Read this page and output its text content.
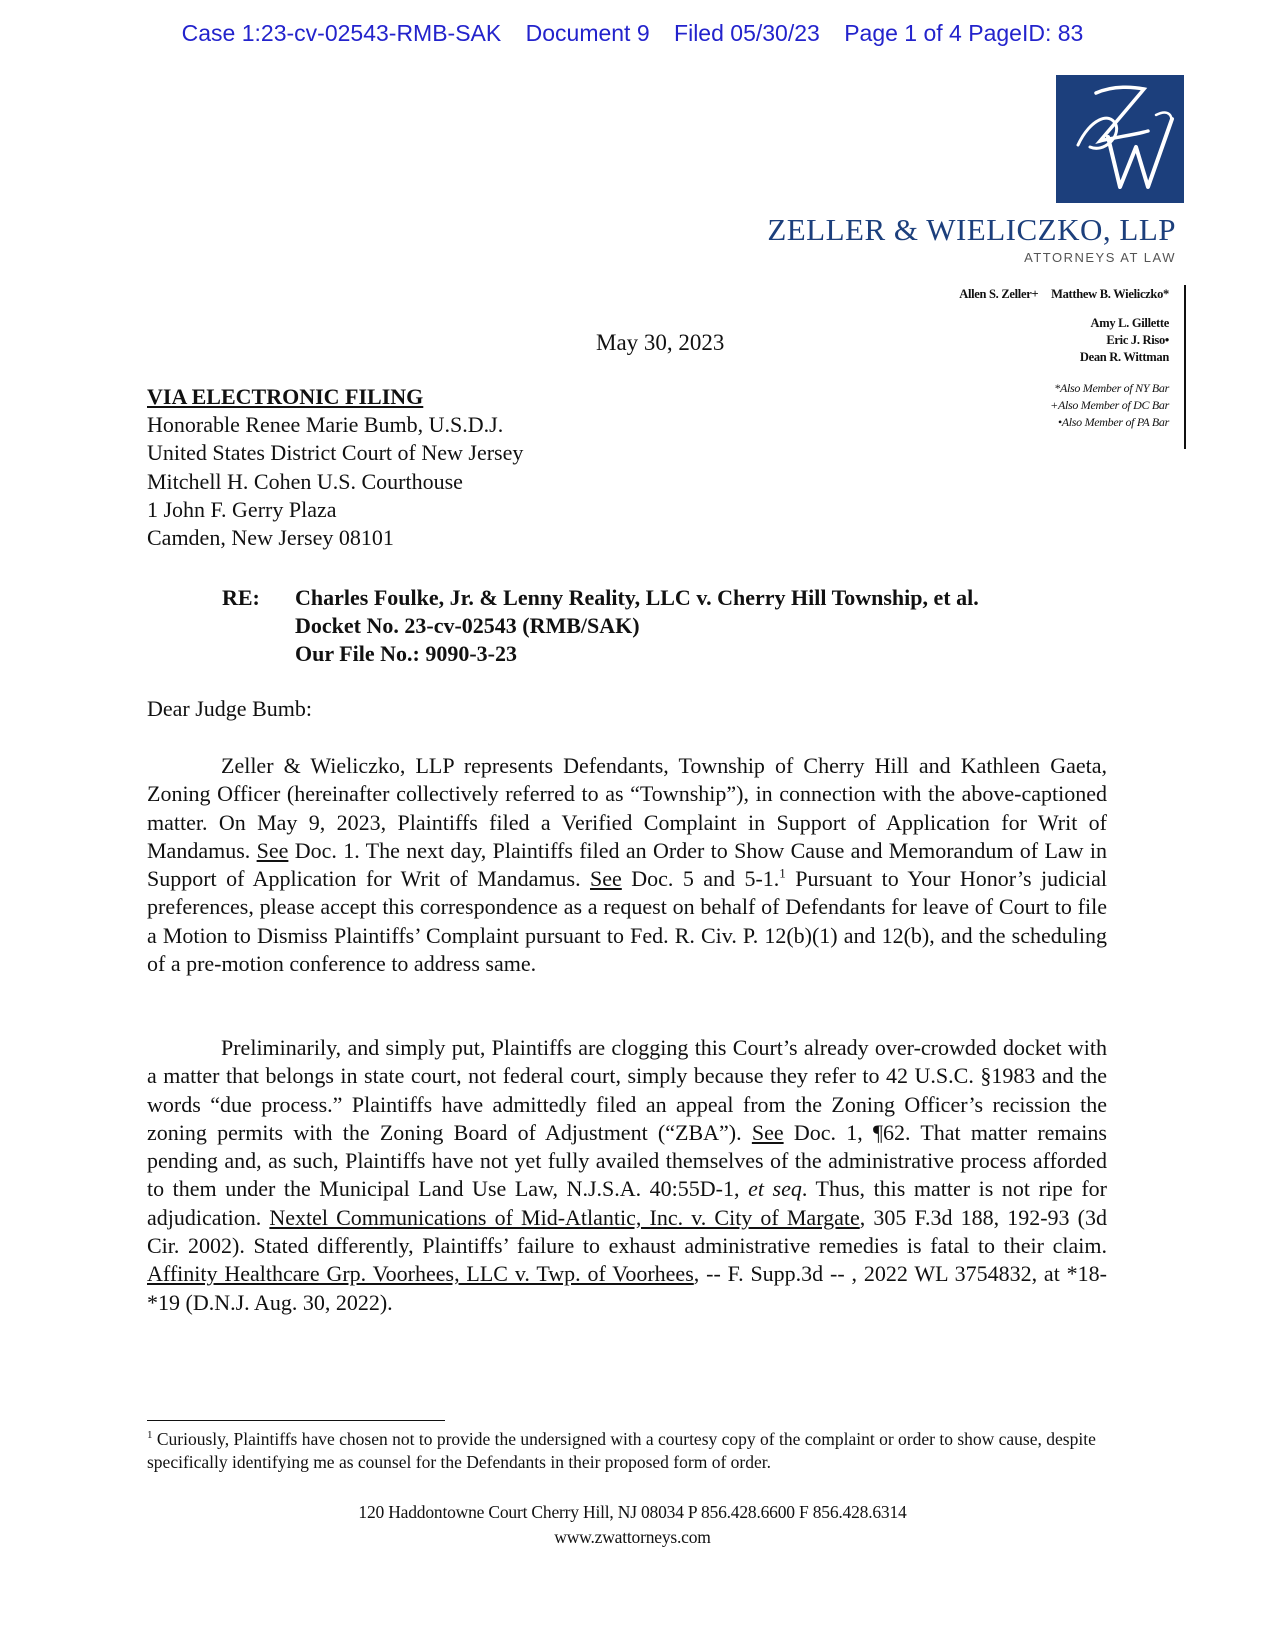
Case 1:23-cv-02543-RMB-SAK Document 9 Filed 05/30/23 Page 1 of 4 PageID: 83
ZELLER & WIELICZKO, LLP
ATTORNEYS AT LAW
Allen S. Zeller+ Matthew B. Wieliczko*
Amy L. Gillette
Eric J. Riso•
Dean R. Wittman
*Also Member of NY Bar
+Also Member of DC Bar
•Also Member of PA Bar
May 30, 2023
VIA ELECTRONIC FILING
Honorable Renee Marie Bumb, U.S.D.J.
United States District Court of New Jersey
Mitchell H. Cohen U.S. Courthouse
1 John F. Gerry Plaza
Camden, New Jersey 08101
RE: Charles Foulke, Jr. & Lenny Reality, LLC v. Cherry Hill Township, et al.
Docket No. 23-cv-02543 (RMB/SAK)
Our File No.: 9090-3-23
Dear Judge Bumb:
Zeller & Wieliczko, LLP represents Defendants, Township of Cherry Hill and Kathleen Gaeta, Zoning Officer (hereinafter collectively referred to as “Township”), in connection with the above-captioned matter. On May 9, 2023, Plaintiffs filed a Verified Complaint in Support of Application for Writ of Mandamus. See Doc. 1. The next day, Plaintiffs filed an Order to Show Cause and Memorandum of Law in Support of Application for Writ of Mandamus. See Doc. 5 and 5-1.$^1$ Pursuant to Your Honor’s judicial preferences, please accept this correspondence as a request on behalf of Defendants for leave of Court to file a Motion to Dismiss Plaintiffs’ Complaint pursuant to Fed. R. Civ. P. 12(b)(1) and 12(b), and the scheduling of a pre-motion conference to address same.
Preliminarily, and simply put, Plaintiffs are clogging this Court’s already over-crowded docket with a matter that belongs in state court, not federal court, simply because they refer to 42 U.S.C. §1983 and the words “due process.” Plaintiffs have admittedly filed an appeal from the Zoning Officer’s recission the zoning permits with the Zoning Board of Adjustment (“ZBA”). See Doc. 1, ¶62. That matter remains pending and, as such, Plaintiffs have not yet fully availed themselves of the administrative process afforded to them under the Municipal Land Use Law, N.J.S.A. 40:55D-1, et seq. Thus, this matter is not ripe for adjudication. Nextel Communications of Mid-Atlantic, Inc. v. City of Margate, 305 F.3d 188, 192-93 (3d Cir. 2002). Stated differently, Plaintiffs’ failure to exhaust administrative remedies is fatal to their claim. Affinity Healthcare Grp. Voorhees, LLC v. Twp. of Voorhees, -- F. Supp.3d -- , 2022 WL 3754832, at *18-*19 (D.N.J. Aug. 30, 2022).
$^1$ Curiously, Plaintiffs have chosen not to provide the undersigned with a courtesy copy of the complaint or order to show cause, despite specifically identifying me as counsel for the Defendants in their proposed form of order.
120 Haddontowne Court Cherry Hill, NJ 08034 P 856.428.6600 F 856.428.6314
www.zwattorneys.com
